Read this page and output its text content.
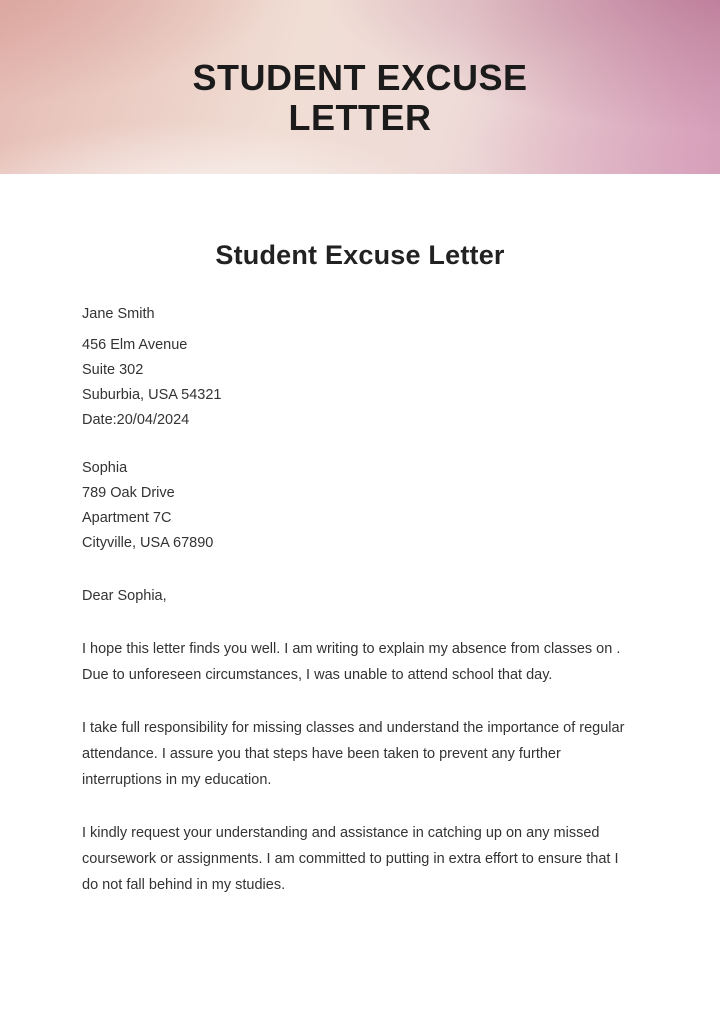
STUDENT EXCUSE
LETTER
Student Excuse Letter
Jane Smith
456 Elm Avenue
Suite 302
Suburbia, USA 54321
Date:20/04/2024
Sophia
789 Oak Drive
Apartment 7C
Cityville, USA 67890
Dear Sophia,

I hope this letter finds you well. I am writing to explain my absence from classes on . Due to unforeseen circumstances, I was unable to attend school that day.

I take full responsibility for missing classes and understand the importance of regular attendance. I assure you that steps have been taken to prevent any further interruptions in my education.

I kindly request your understanding and assistance in catching up on any missed coursework or assignments. I am committed to putting in extra effort to ensure that I do not fall behind in my studies.
